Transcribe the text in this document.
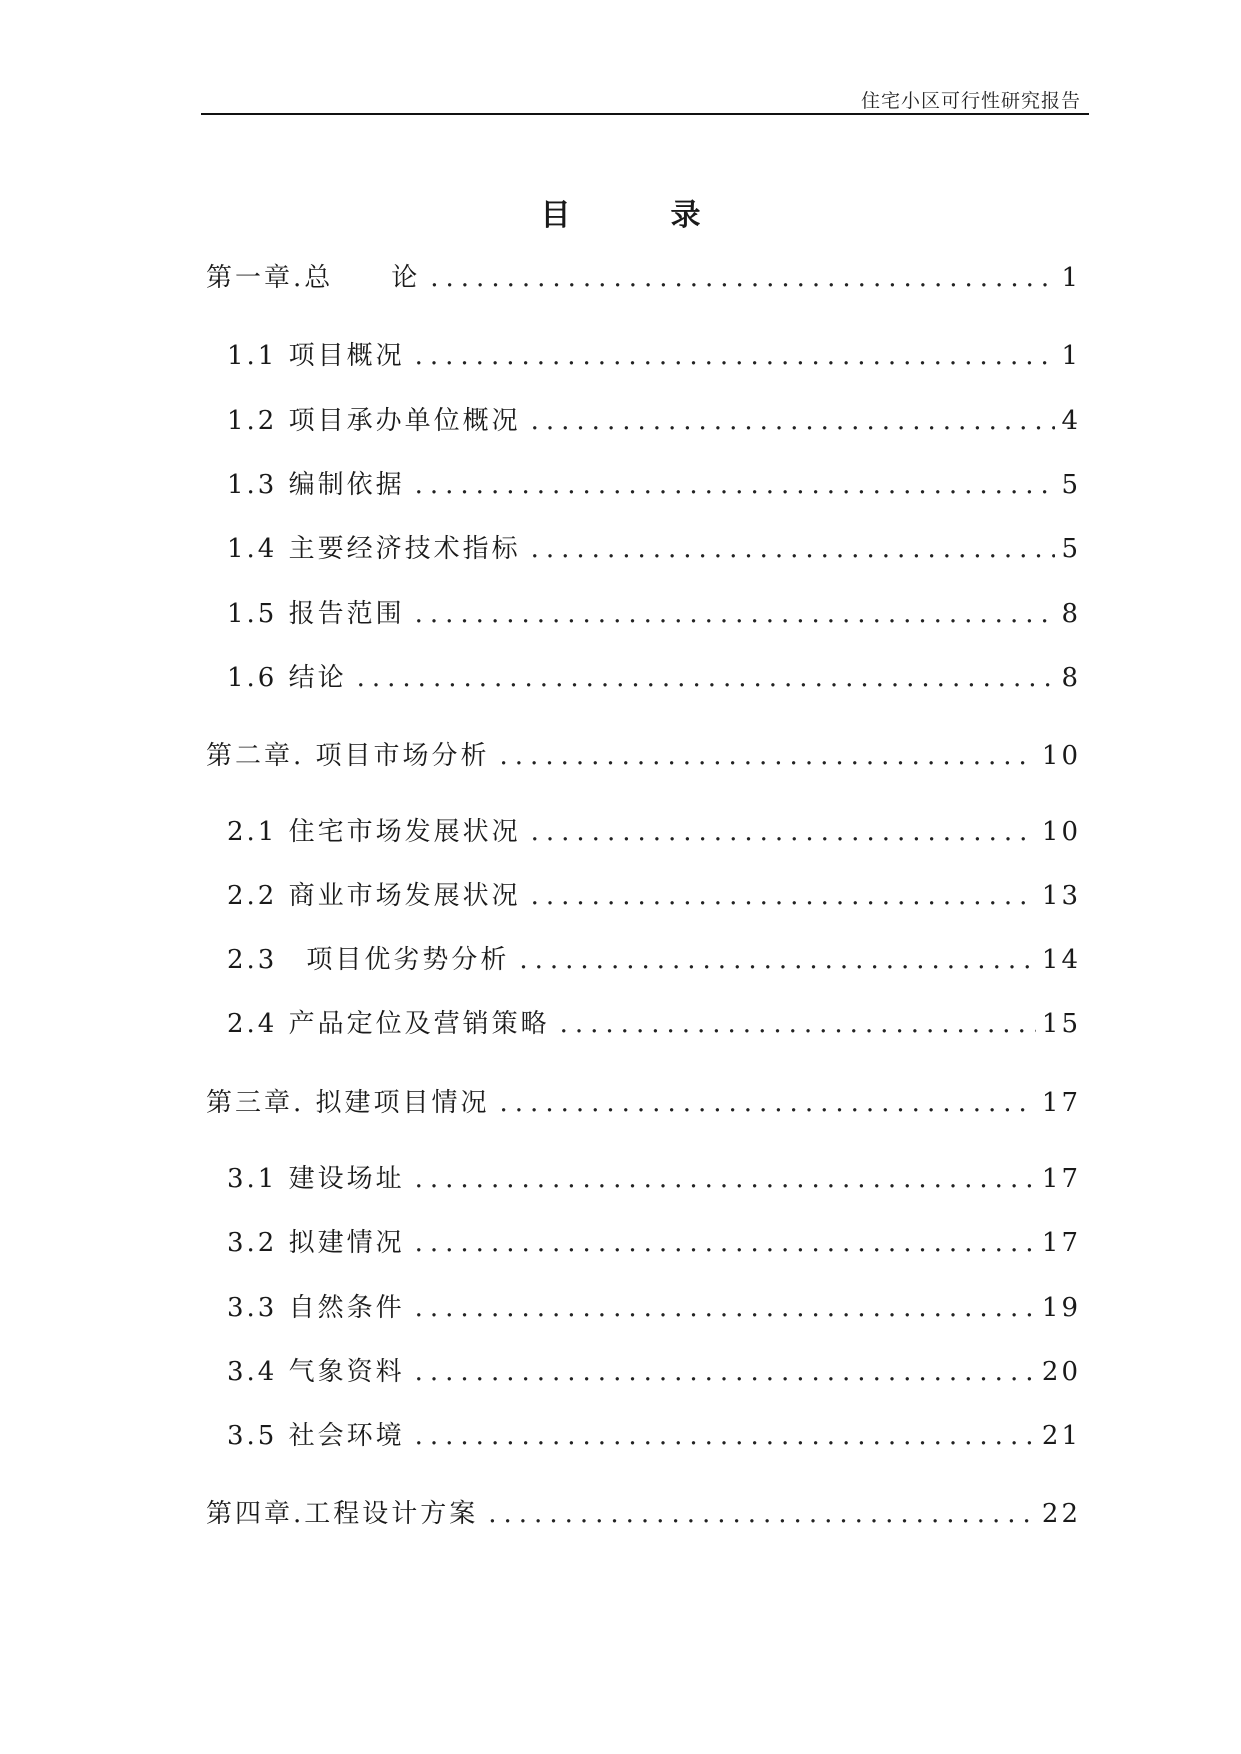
住宅小区可行性研究报告
目	录
第一章.总　　论 .....	1
1.1 项目概况 .....	1
1.2 项目承办单位概况 .....	4
1.3 编制依据 .....	5
1.4 主要经济技术指标 .....	5
1.5 报告范围 .....	8
1.6 结论 .....	8
第二章. 项目市场分析 .....	10
2.1 住宅市场发展状况 .....	10
2.2 商业市场发展状况 .....	13
2.3　项目优劣势分析 .....	14
2.4 产品定位及营销策略 .....	15
第三章. 拟建项目情况 .....	17
3.1 建设场址 .....	17
3.2 拟建情况 .....	17
3.3 自然条件 .....	19
3.4 气象资料 .....	20
3.5 社会环境 .....	21
第四章.工程设计方案 .....	22
